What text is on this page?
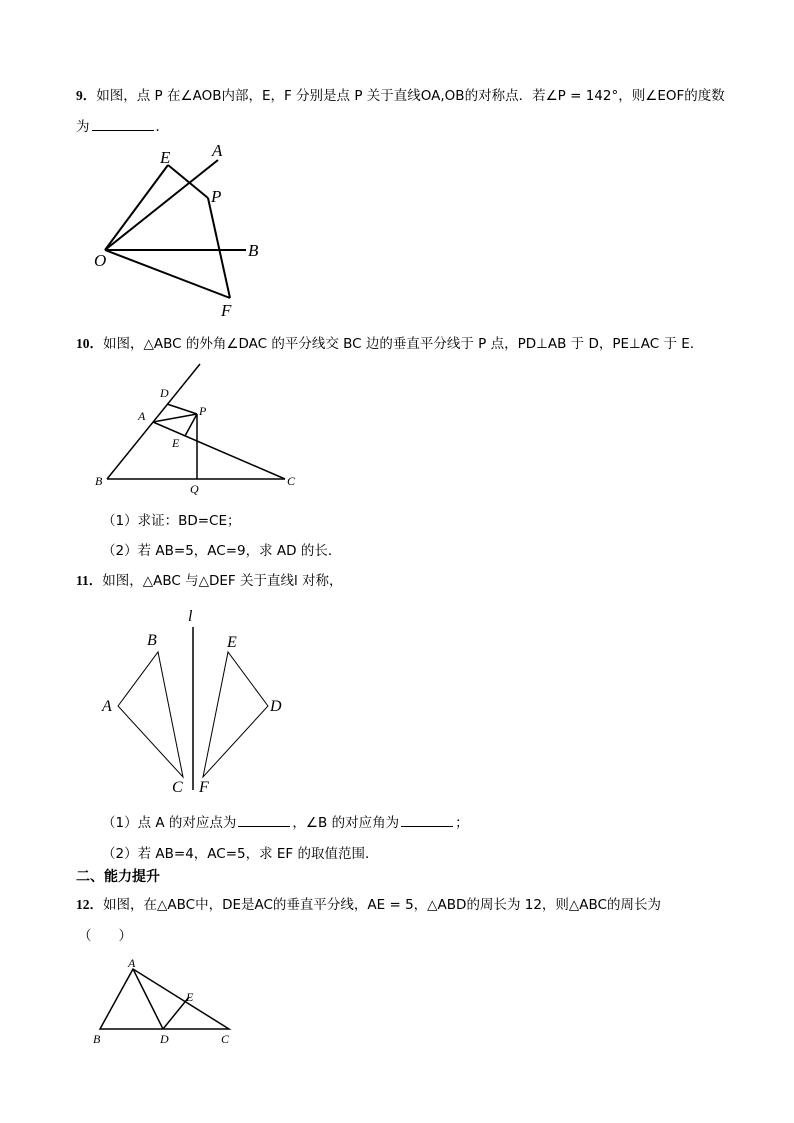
9．如图，点 P 在∠AOB内部，E，F 分别是点 P 关于直线OA,OB的对称点．若∠P = 142°，则∠EOF的度数
为	．
E A
P
O
B
F
10．如图，△ABC 的外角∠DAC 的平分线交 BC 边的垂直平分线于 P 点，PD⊥AB 于 D，PE⊥AC 于 E．
D
A	P
E
B
Q
C
（1）求证：BD=CE；
（2）若 AB=5，AC=9，求 AD 的长．
11．如图，△ABC 与△DEF 关于直线l 对称，
l
B	E
A	D
C F
（1）点 A 的对应点为	，∠B 的对应角为	；
（2）若 AB=4，AC=5，求 EF 的取值范围．
二、能力提升
12．如图，在△ABC中，DE是AC的垂直平分线，AE = 5，△ABD的周长为 12，则△ABC的周长为
（　　）
A
E
B	D	C
